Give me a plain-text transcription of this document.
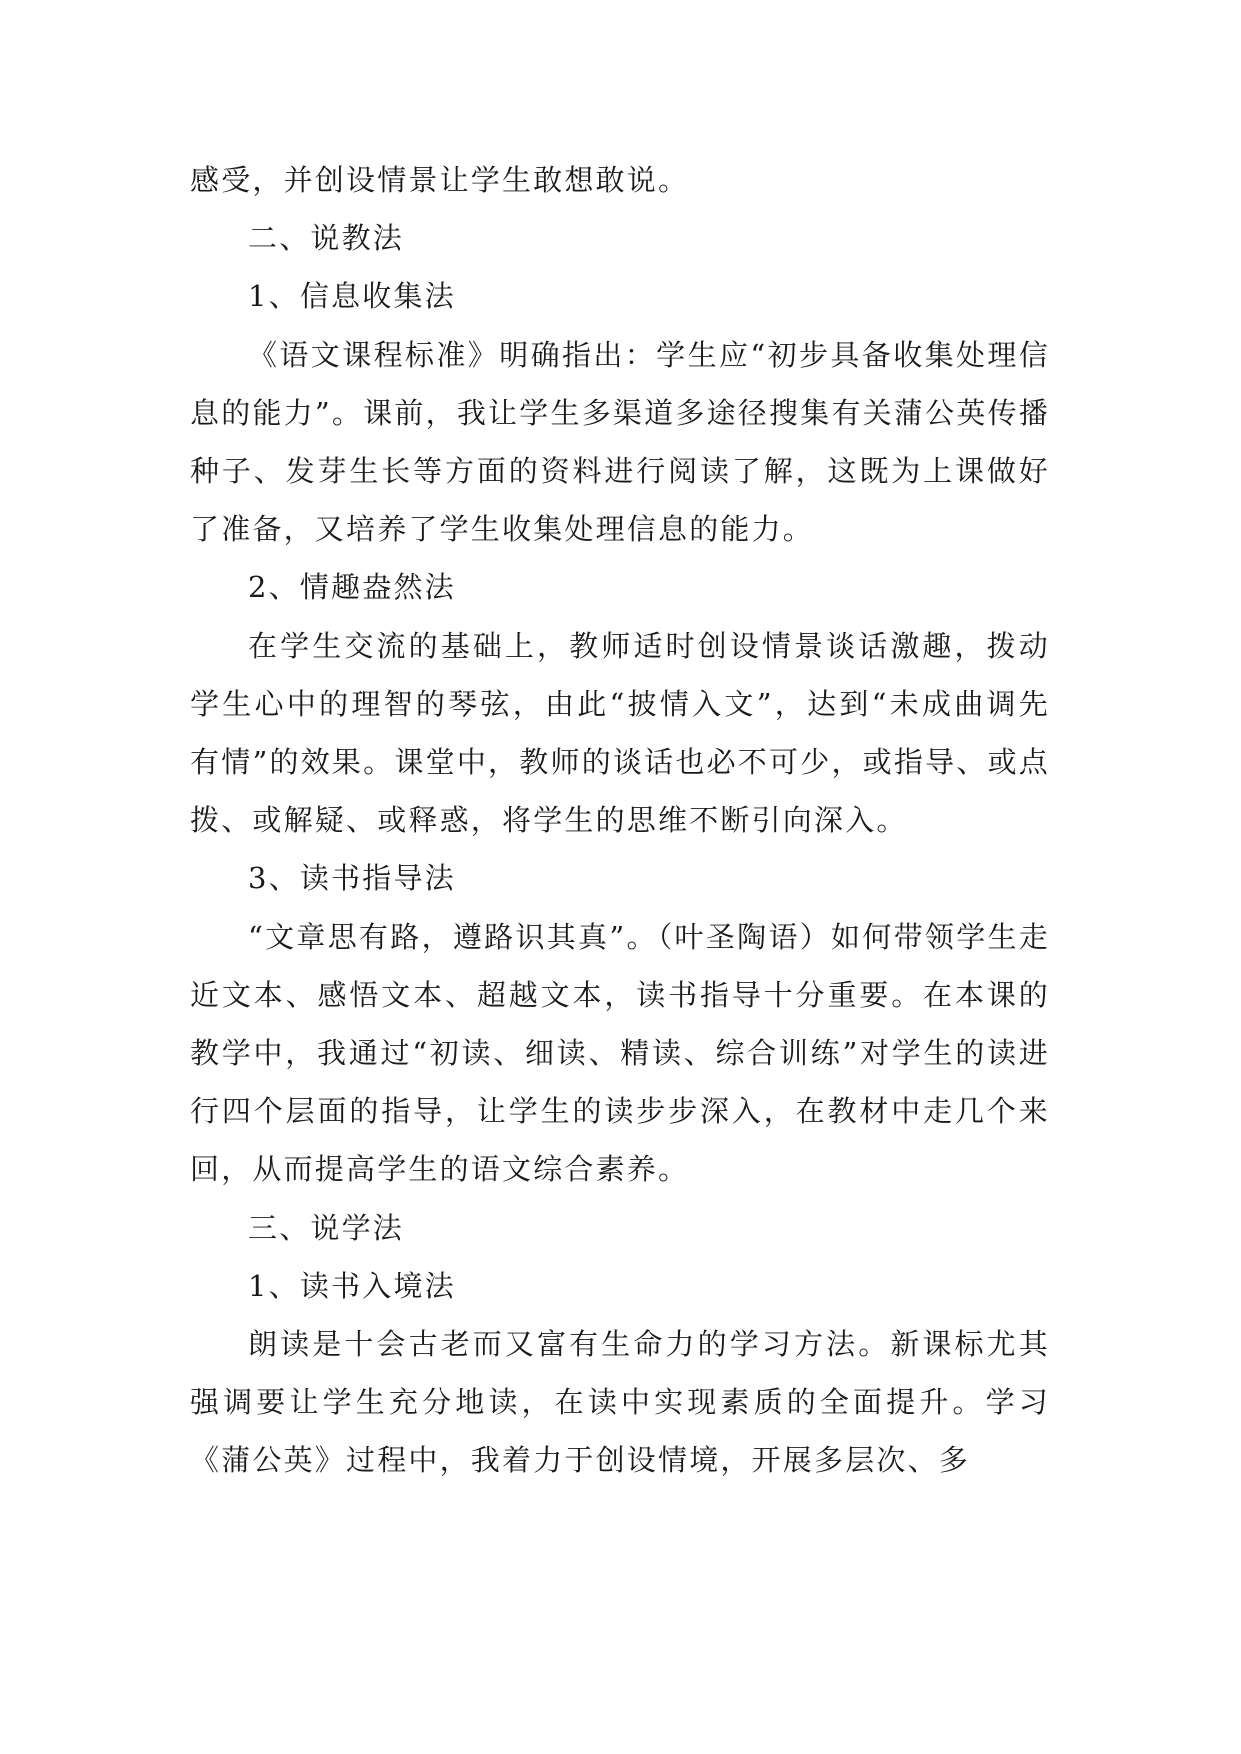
感受，并创设情景让学生敢想敢说。

二、说教法

1、信息收集法

《语文课程标准》明确指出：学生应“初步具备收集处理信息的能力”。课前，我让学生多渠道多途径搜集有关蒲公英传播种子、发芽生长等方面的资料进行阅读了解，这既为上课做好了准备，又培养了学生收集处理信息的能力。

2、情趣盎然法

在学生交流的基础上，教师适时创设情景谈话激趣，拨动学生心中的理智的琴弦，由此“披情入文”，达到“未成曲调先有情”的效果。课堂中，教师的谈话也必不可少，或指导、或点拨、或解疑、或释惑，将学生的思维不断引向深入。

3、读书指导法

“文章思有路，遵路识其真”。（叶圣陶语）如何带领学生走近文本、感悟文本、超越文本，读书指导十分重要。在本课的教学中，我通过“初读、细读、精读、综合训练”对学生的读进行四个层面的指导，让学生的读步步深入，在教材中走几个来回，从而提高学生的语文综合素养。

三、说学法

1、读书入境法

朗读是十会古老而又富有生命力的学习方法。新课标尤其强调要让学生充分地读，在读中实现素质的全面提升。学习《蒲公英》过程中，我着力于创设情境，开展多层次、多
